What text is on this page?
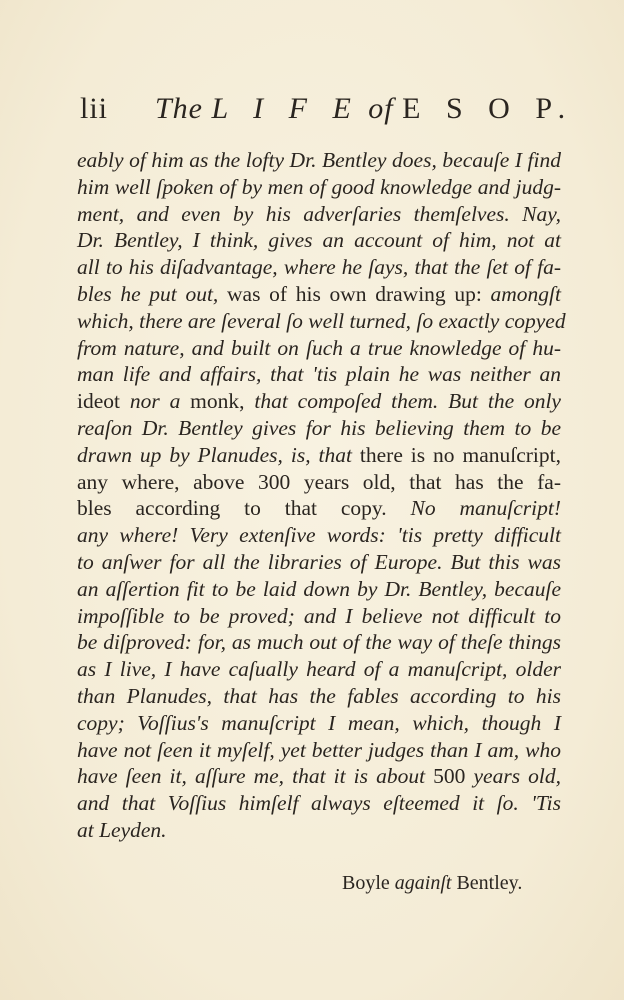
lii The L I F E of E S O P.
eably of him as the lofty Dr. Bentley does, becauſe I find
him well ſpoken of by men of good knowledge and judg-
ment, and even by his adverſaries themſelves. Nay,
Dr. Bentley, I think, gives an account of him, not at
all to his diſadvantage, where he ſays, that the ſet of fa-
bles he put out, was of his own drawing up: amongſt
which, there are ſeveral ſo well turned, ſo exactly copyed
from nature, and built on ſuch a true knowledge of hu-
man life and affairs, that 'tis plain he was neither an
ideot nor a monk, that compoſed them. But the only
reaſon Dr. Bentley gives for his believing them to be
drawn up by Planudes, is, that there is no manuſcript,
any where, above 300 years old, that has the fa-
bles according to that copy. No manuſcript!
any where! Very extenſive words: 'tis pretty difficult
to anſwer for all the libraries of Europe. But this was
an aſſertion fit to be laid down by Dr. Bentley, becauſe
impoſſible to be proved; and I believe not difficult to
be diſproved: for, as much out of the way of theſe things
as I live, I have caſually heard of a manuſcript, older
than Planudes, that has the fables according to his
copy; Voſſius's manuſcript I mean, which, though I
have not ſeen it myſelf, yet better judges than I am, who
have ſeen it, aſſure me, that it is about 500 years old,
and that Voſſius himſelf always eſteemed it ſo. 'Tis
at Leyden.
Boyle againſt Bentley.
